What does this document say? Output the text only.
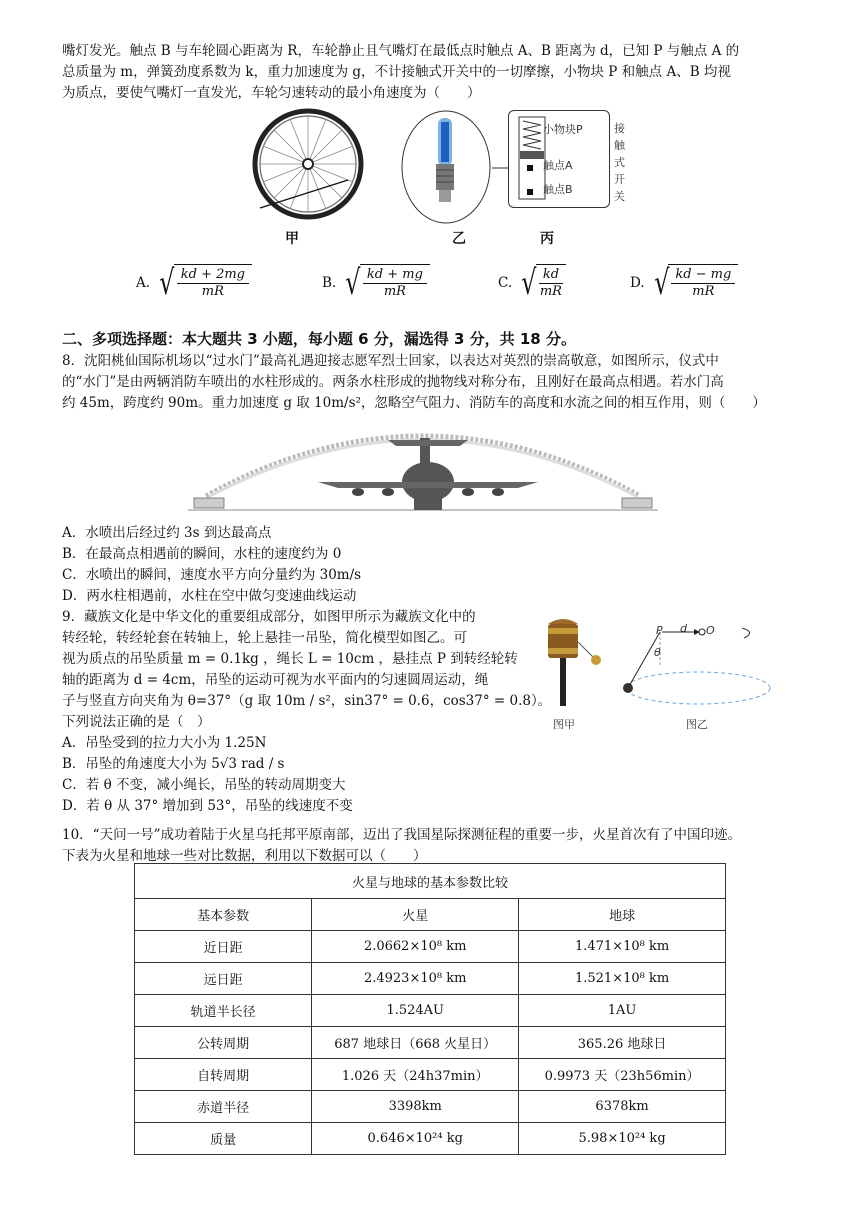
嘴灯发光。触点 B 与车轮圆心距离为 R，车轮静止且气嘴灯在最低点时触点 A、B 距离为 d，已知 P 与触点 A 的
总质量为 m，弹簧劲度系数为 k，重力加速度为 g，不计接触式开关中的一切摩擦，小物块 P 和触点 A、B 均视
为质点，要使气嘴灯一直发光，车轮匀速转动的最小角速度为（　　）
甲	乙
小物块P
触点A
触点B
接触式开关
丙
A. √ $\frac{kd + 2mg}{mR}$	B. √ $\frac{kd + mg}{mR}$	C. √ $\frac{kd}{mR}$	D. √ $\frac{kd - mg}{mR}$
二、多项选择题：本大题共 3 小题，每小题 6 分，漏选得 3 分，共 18 分。
8．沈阳桃仙国际机场以“过水门”最高礼遇迎接志愿军烈士回家，以表达对英烈的崇高敬意，如图所示，仪式中
的“水门”是由两辆消防车喷出的水柱形成的。两条水柱形成的抛物线对称分布，且刚好在最高点相遇。若水门高
约 45m，跨度约 90m。重力加速度 g 取 10m/s²，忽略空气阻力、消防车的高度和水流之间的相互作用，则（　　）
A．水喷出后经过约 3s 到达最高点
B．在最高点相遇前的瞬间，水柱的速度约为 0
C．水喷出的瞬间，速度水平方向分量约为 30m/s
D．两水柱相遇前，水柱在空中做匀变速曲线运动
9．藏族文化是中华文化的重要组成部分，如图甲所示为藏族文化中的
转经轮，转经轮套在转轴上，轮上悬挂一吊坠，简化模型如图乙。可
视为质点的吊坠质量 m = 0.1kg ，绳长 L = 10cm ，悬挂点 P 到转经轮转
轴的距离为 d = 4cm，吊坠的运动可视为水平面内的匀速圆周运动，绳
子与竖直方向夹角为 θ=37°（g 取 10m / s²，sin37° = 0.6，cos37° = 0.8）。
下列说法正确的是（　）	图甲
P d O
θ
图乙
A．吊坠受到的拉力大小为 1.25N
B．吊坠的角速度大小为 5√3 rad / s
C．若 θ 不变，减小绳长，吊坠的转动周期变大
D．若 θ 从 37° 增加到 53°，吊坠的线速度不变
10．“天问一号”成功着陆于火星乌托邦平原南部，迈出了我国星际探测征程的重要一步，火星首次有了中国印迹。
下表为火星和地球一些对比数据，利用以下数据可以（　　）
火星与地球的基本参数比较		
基本参数	火星	地球
近日距	2.0662×10⁸ km	1.471×10⁸ km
远日距	2.4923×10⁸ km	1.521×10⁸ km
轨道半长径	1.524AU	1AU
公转周期	687 地球日（668 火星日）	365.26 地球日
自转周期	1.026 天（24h37min）	0.9973 天（23h56min）
赤道半径	3398km	6378km
质量	0.646×10²⁴ kg	5.98×10²⁴ kg
